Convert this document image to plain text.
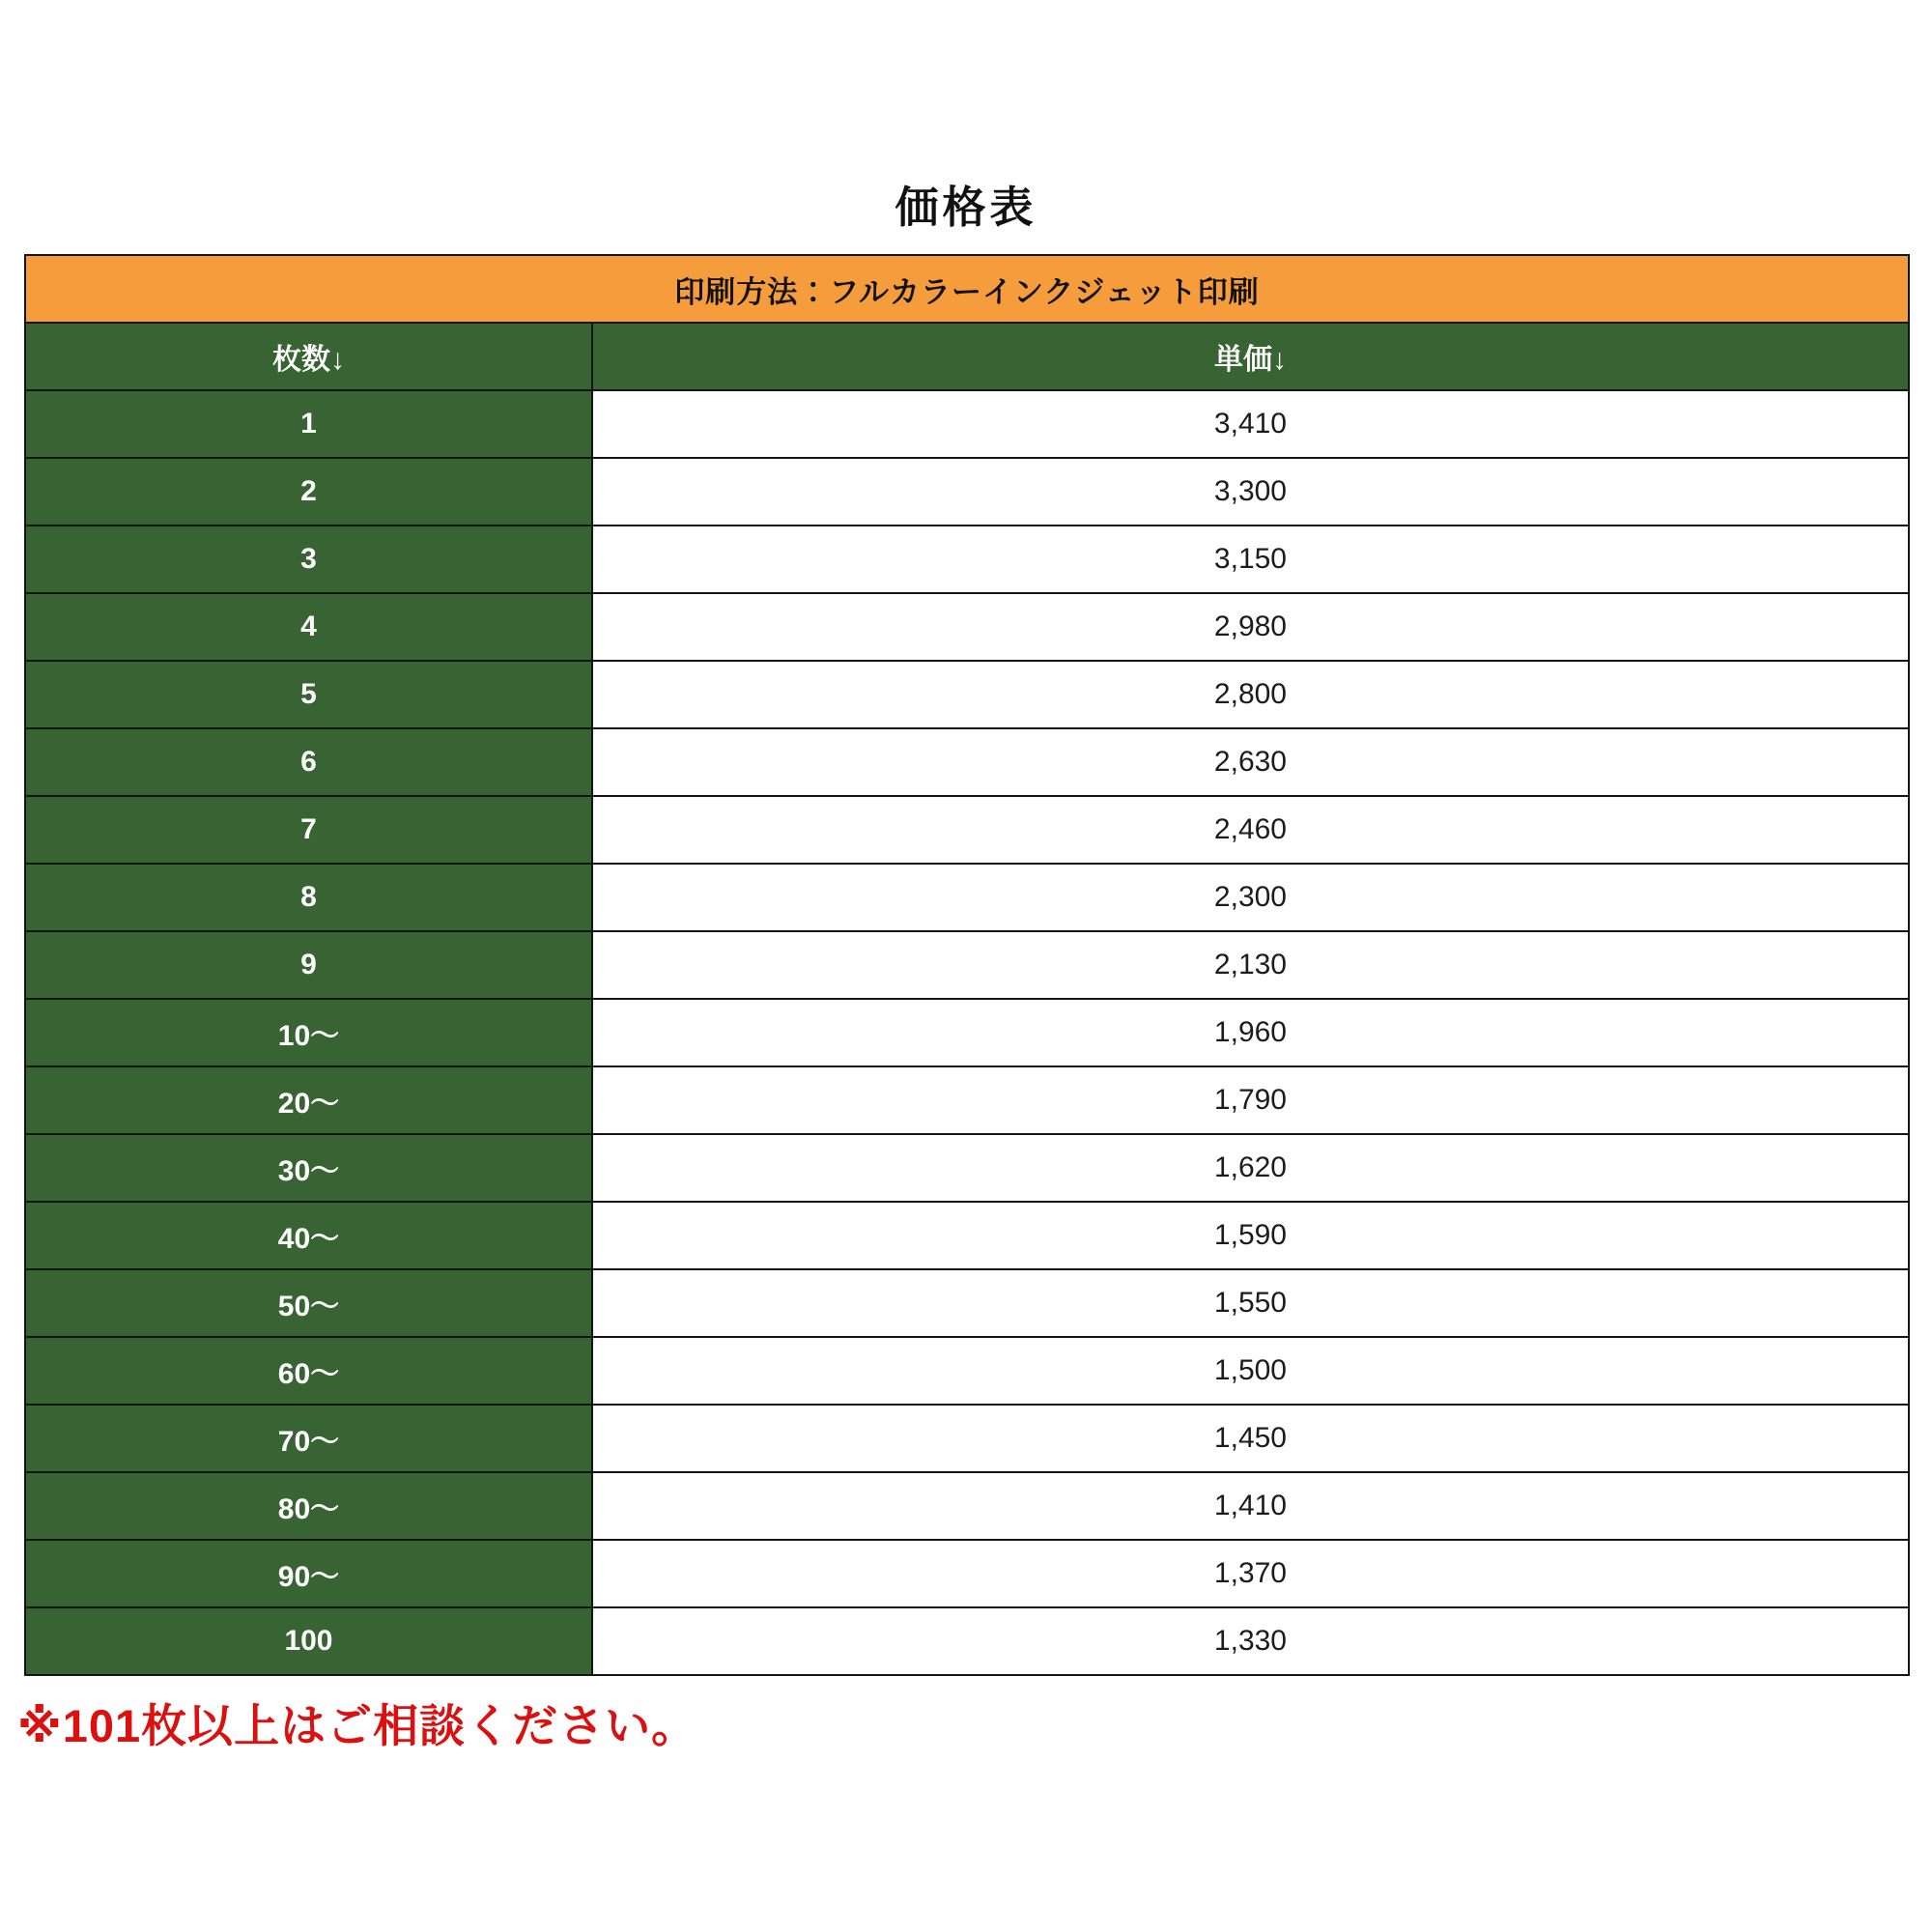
価格表
印刷方法：フルカラーインクジェット印刷	
枚数↓	単価↓
1	3,410
2	3,300
3	3,150
4	2,980
5	2,800
6	2,630
7	2,460
8	2,300
9	2,130
10〜	1,960
20〜	1,790
30〜	1,620
40〜	1,590
50〜	1,550
60〜	1,500
70〜	1,450
80〜	1,410
90〜	1,370
100	1,330

※101枚以上はご相談ください。
